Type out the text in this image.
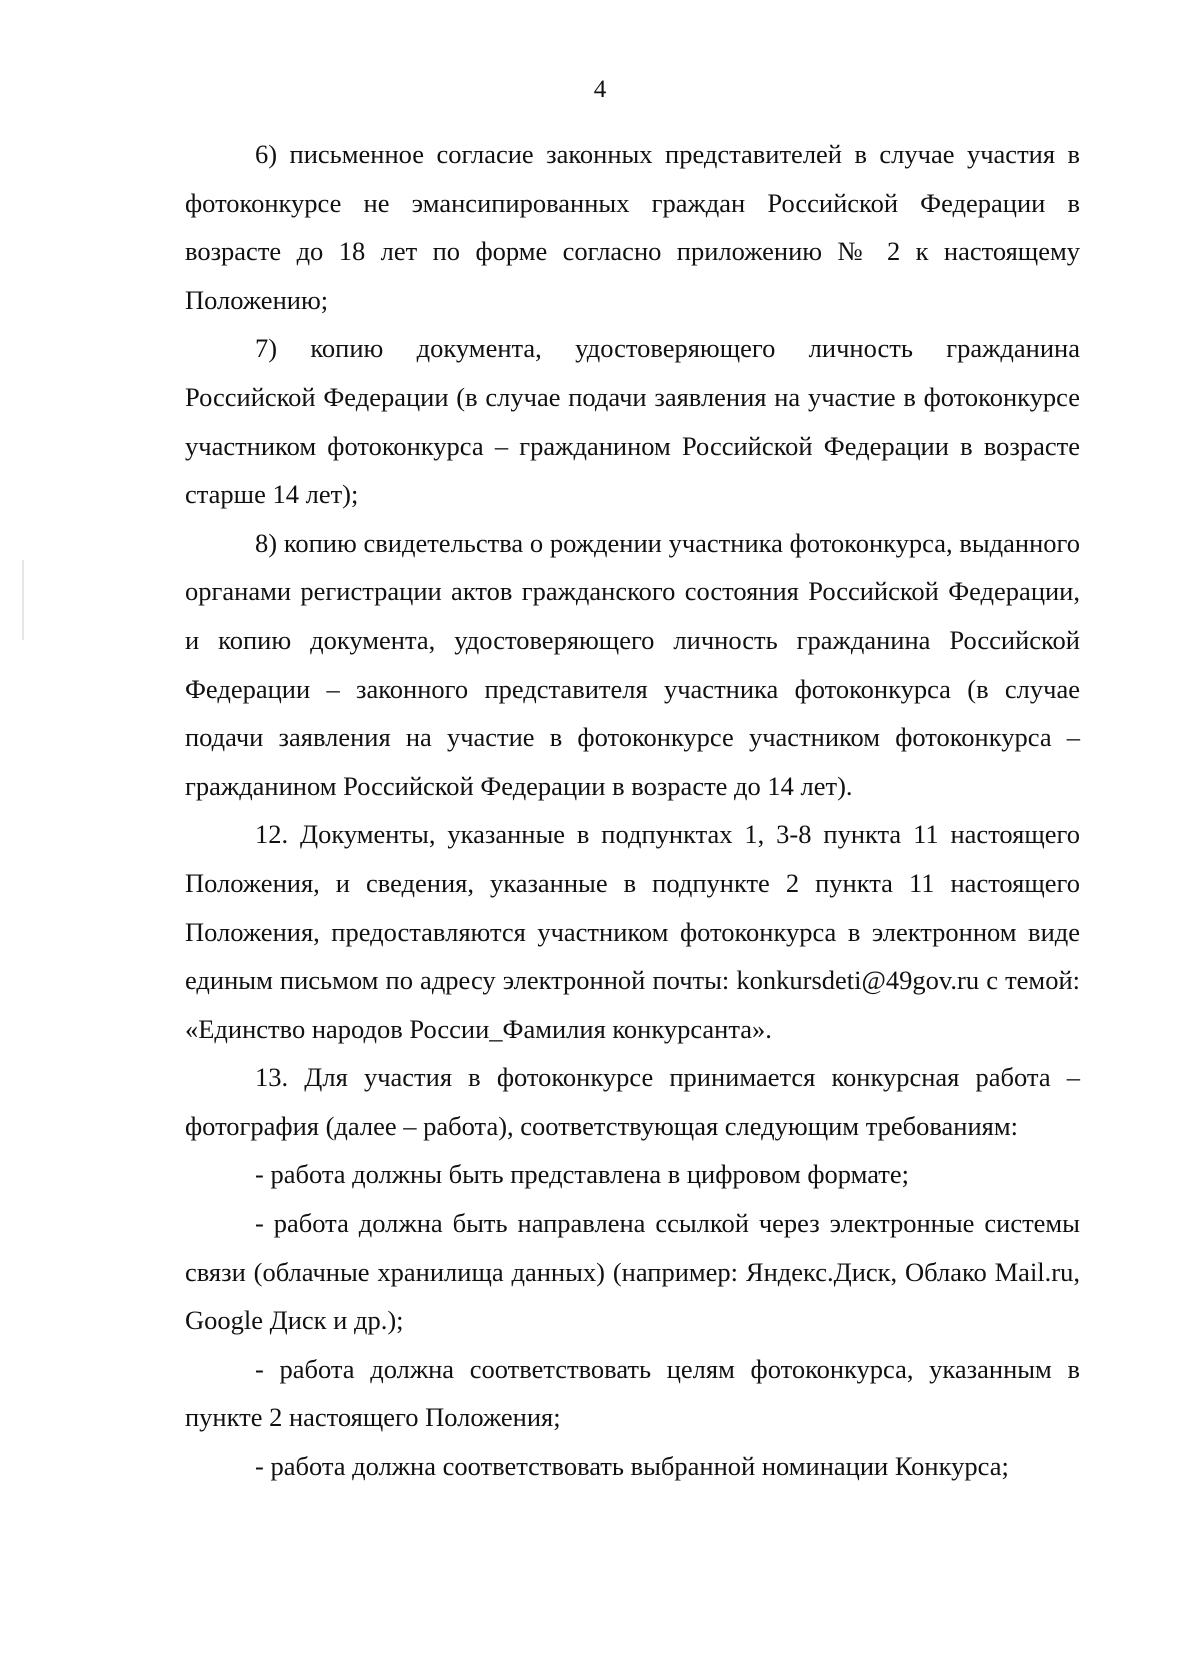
4

6) письменное согласие законных представителей в случае участия в фотоконкурсе не эмансипированных граждан Российской Федерации в возрасте до 18 лет по форме согласно приложению № 2 к настоящему Положению;

7) копию документа, удостоверяющего личность гражданина Российской Федерации (в случае подачи заявления на участие в фотоконкурсе участником фотоконкурса – гражданином Российской Федерации в возрасте старше 14 лет);

8) копию свидетельства о рождении участника фотоконкурса, выданного органами регистрации актов гражданского состояния Российской Федерации, и копию документа, удостоверяющего личность гражданина Российской Федерации – законного представителя участника фотоконкурса (в случае подачи заявления на участие в фотоконкурсе участником фотоконкурса – гражданином Российской Федерации в возрасте до 14 лет).

12. Документы, указанные в подпунктах 1, 3-8 пункта 11 настоящего Положения, и сведения, указанные в подпункте 2 пункта 11 настоящего Положения, предоставляются участником фотоконкурса в электронном виде единым письмом по адресу электронной почты: konkursdeti@49gov.ru с темой: «Единство народов России_Фамилия конкурсанта».

13. Для участия в фотоконкурсе принимается конкурсная работа – фотография (далее – работа), соответствующая следующим требованиям:

- работа должны быть представлена в цифровом формате;

- работа должна быть направлена ссылкой через электронные системы связи (облачные хранилища данных) (например: Яндекс.Диск, Облако Mail.ru, Google Диск и др.);

- работа должна соответствовать целям фотоконкурса, указанным в пункте 2 настоящего Положения;

- работа должна соответствовать выбранной номинации Конкурса;
